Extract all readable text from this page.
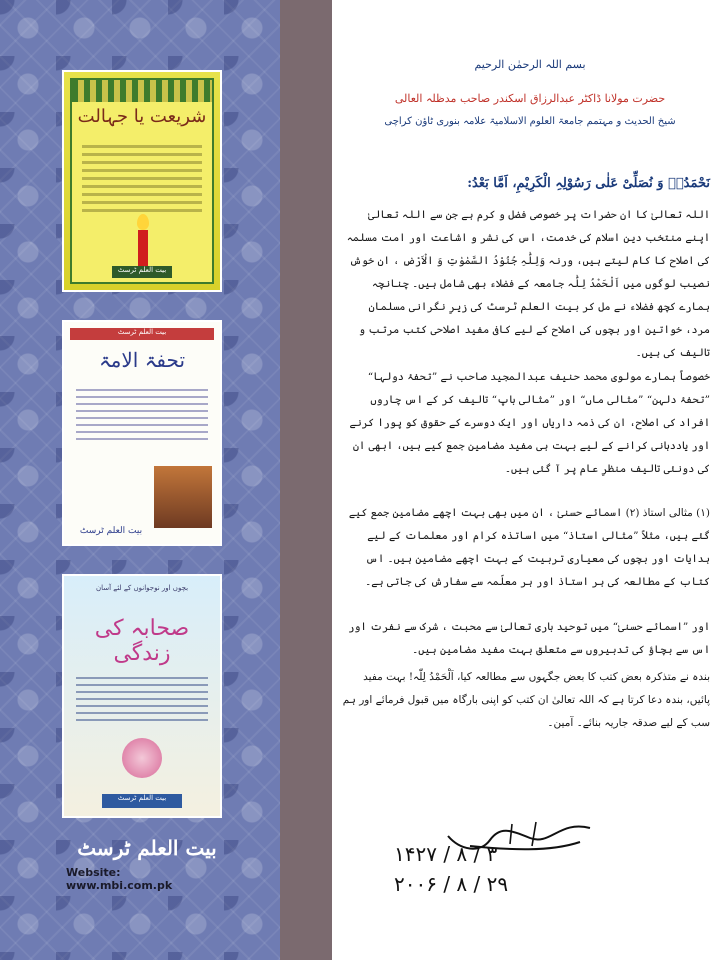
شریعت یا جہالت
بیت العلم ٹرسٹ
بیت العلم ٹرسٹ
تحفۃ الامۃ
بیت العلم ٹرسٹ
بچوں اور نوجوانوں کے لئے آسان
صحابہ کی زندگی
بیت العلم ٹرسٹ
بیت العلم ٹرسٹ
Website: www.mbi.com.pk
بسم اللہ الرحمٰن الرحیم
حضرت مولانا ڈاکٹر عبدالرزاق اسکندر صاحب مدظلہ العالی
شیخ الحدیث و مہتمم جامعۃ العلوم الاسلامیۃ علامہ بنوری ٹاؤن کراچی
نَحْمَدُہٗ وَ نُصَلِّیْ عَلٰی رَسُوْلِہِ الْکَرِیْمِ، اَمَّا بَعْدُ:
اللہ تعالیٰ کا ان حضرات پر خصوصی فضل و کرم ہے جن سے اللہ تعالیٰ اپنے منتخب دین اسلام کی خدمت، اس کی نشر و اشاعت اور امت مسلمہ کی اصلاح کا کام لیتے ہیں، ورنہ وَلِلّٰہِ جُنُوْدُ السَّمٰوٰتِ وَ الْاَرْضِ ، ان خوش نصیب لوگوں میں اَلْحَمْدُ لِلّٰہ جامعہ کے فضلاء بھی شامل ہیں۔ چنانچہ ہمارے کچھ فضلاء نے مل کر بیت العلم ٹرسٹ کی زیرِ نگرانی مسلمان مرد، خواتین اور بچوں کی اصلاح کے لیے کافی مفید اصلاحی کتب مرتب و تالیف کی ہیں۔
خصوصاً ہمارے مولوی محمد حنیف عبدالمجید صاحب نے ”تحفۂ دولہا“ ”تحفۂ دلہن“ ”مثالی ماں“ اور ”مثالی باپ“ تالیف کر کے اس چاروں افراد کی اصلاح، ان کی ذمہ داریاں اور ایک دوسرے کے حقوق کو پورا کرنے اور یاددہانی کرانے کے لیے بہت ہی مفید مضامین جمع کیے ہیں، ابھی ان کی دونئی تالیف منظرِ عام پر آ گئی ہیں۔
(۱) مثالی استاذ (۲) اسمائے حسنیٰ ، ان میں بھی بہت اچھے مضامین جمع کیے گئے ہیں، مثلاً ”مثالی استاذ“ میں اساتذہ کرام اور معلمات کے لیے ہدایات اور بچوں کی معیاری تربیت کے بہت اچھے مضامین ہیں۔ اس کتاب کے مطالعہ کی ہر استاذ اور ہر معلّمہ سے سفارش کی جاتی ہے۔
اور ”اسمائے حسنیٰ“ میں توحید باری تعالیٰ سے محبت ، شرک سے نفرت اور اس سے بچاؤ کی تدبیروں سے متعلق بہت مفید مضامین ہیں۔
بندہ نے متذکرہ بعض کتب کا بعض جگہوں سے مطالعہ کیا، اَلْحَمْدُ لِلّٰہ! بہت مفید پائیں، بندہ دعا کرتا ہے کہ اللہ تعالیٰ ان کتب کو اپنی بارگاہ میں قبول فرمائے اور ہم سب کے لیے صدقہ جاریہ بنائے۔ آمین۔
۱۴۲۷ / ۸ / ۳
۲۰۰۶ / ۸ / ۲۹
